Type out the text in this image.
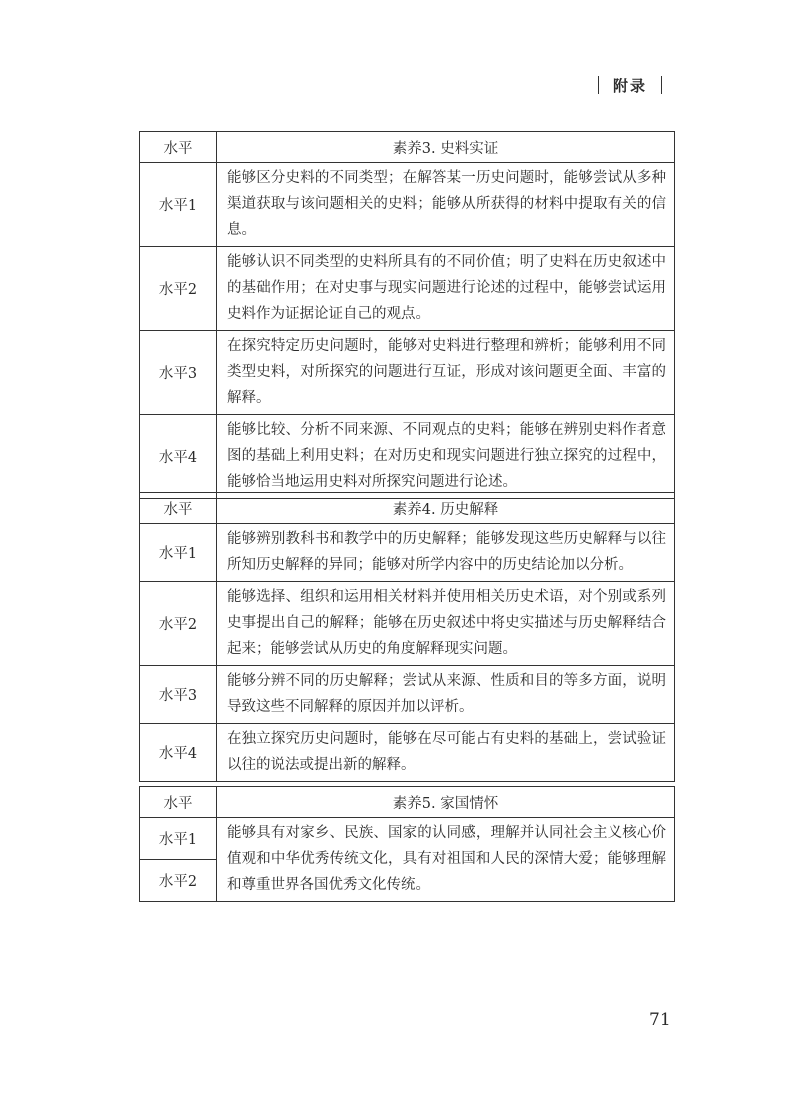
附录
水平	素养3. 史料实证
水平1	能够区分史料的不同类型；在解答某一历史问题时，能够尝试从多种渠道获取与该问题相关的史料；能够从所获得的材料中提取有关的信息。
水平2	能够认识不同类型的史料所具有的不同价值；明了史料在历史叙述中的基础作用；在对史事与现实问题进行论述的过程中，能够尝试运用史料作为证据论证自己的观点。
水平3	在探究特定历史问题时，能够对史料进行整理和辨析；能够利用不同类型史料，对所探究的问题进行互证，形成对该问题更全面、丰富的解释。
水平4	能够比较、分析不同来源、不同观点的史料；能够在辨别史料作者意图的基础上利用史料；在对历史和现实问题进行独立探究的过程中，能够恰当地运用史料对所探究问题进行论述。
水平	素养4. 历史解释
水平1	能够辨别教科书和教学中的历史解释；能够发现这些历史解释与以往所知历史解释的异同；能够对所学内容中的历史结论加以分析。
水平2	能够选择、组织和运用相关材料并使用相关历史术语，对个别或系列史事提出自己的解释；能够在历史叙述中将史实描述与历史解释结合起来；能够尝试从历史的角度解释现实问题。
水平3	能够分辨不同的历史解释；尝试从来源、性质和目的等多方面，说明导致这些不同解释的原因并加以评析。
水平4	在独立探究历史问题时，能够在尽可能占有史料的基础上，尝试验证以往的说法或提出新的解释。
水平	素养5. 家国情怀
水平1	能够具有对家乡、民族、国家的认同感，理解并认同社会主义核心价值观和中华优秀传统文化，具有对祖国和人民的深情大爱；能够理解和尊重世界各国优秀文化传统。
水平2	
71
